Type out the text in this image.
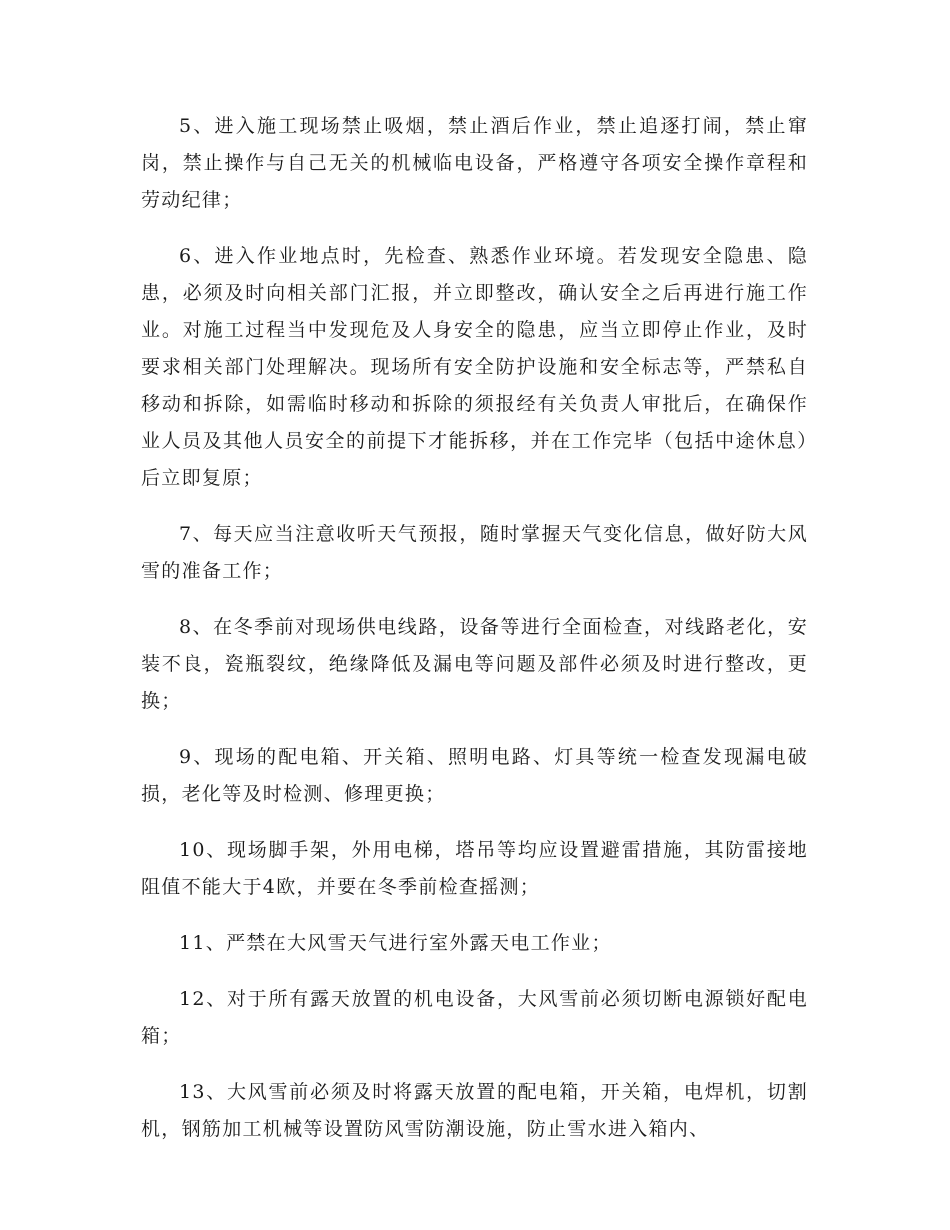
5、进入施工现场禁止吸烟，禁止酒后作业，禁止追逐打闹，禁止窜岗，禁止操作与自己无关的机械临电设备，严格遵守各项安全操作章程和劳动纪律；

6、进入作业地点时，先检查、熟悉作业环境。若发现安全隐患、隐患，必须及时向相关部门汇报，并立即整改，确认安全之后再进行施工作业。对施工过程当中发现危及人身安全的隐患，应当立即停止作业，及时要求相关部门处理解决。现场所有安全防护设施和安全标志等，严禁私自移动和拆除，如需临时移动和拆除的须报经有关负责人审批后，在确保作业人员及其他人员安全的前提下才能拆移，并在工作完毕（包括中途休息）后立即复原；

7、每天应当注意收听天气预报，随时掌握天气变化信息，做好防大风雪的准备工作；

8、在冬季前对现场供电线路，设备等进行全面检查，对线路老化，安装不良，瓷瓶裂纹，绝缘降低及漏电等问题及部件必须及时进行整改，更换；

9、现场的配电箱、开关箱、照明电路、灯具等统一检查发现漏电破损，老化等及时检测、修理更换；

10、现场脚手架，外用电梯，塔吊等均应设置避雷措施，其防雷接地阻值不能大于4欧，并要在冬季前检查摇测；

11、严禁在大风雪天气进行室外露天电工作业；

12、对于所有露天放置的机电设备，大风雪前必须切断电源锁好配电箱；

13、大风雪前必须及时将露天放置的配电箱，开关箱，电焊机，切割机，钢筋加工机械等设置防风雪防潮设施，防止雪水进入箱内、
